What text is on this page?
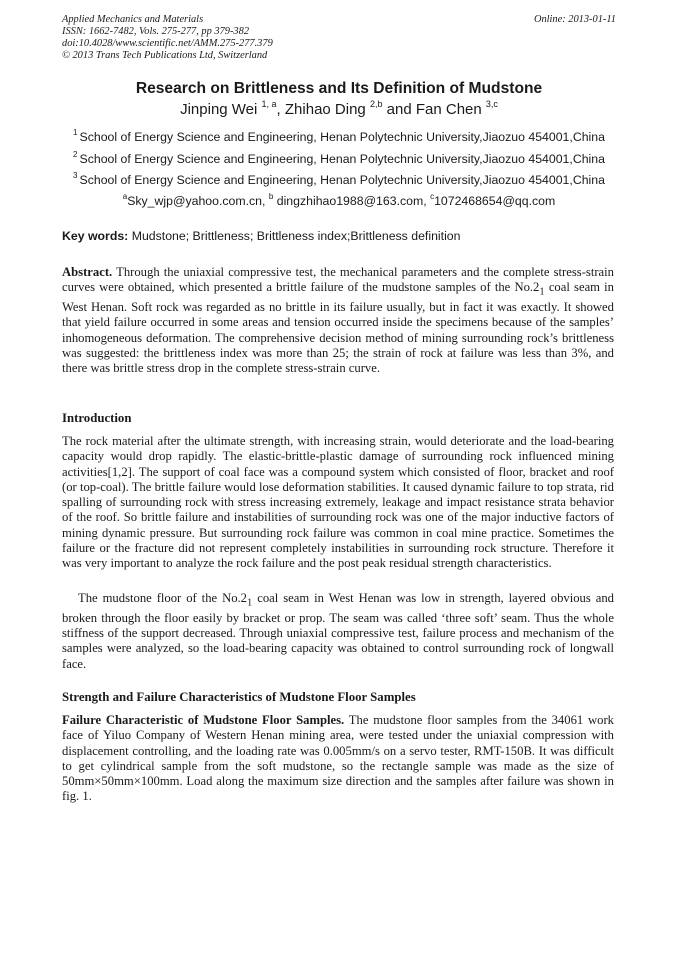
Applied Mechanics and Materials
ISSN: 1662-7482, Vols. 275-277, pp 379-382
doi:10.4028/www.scientific.net/AMM.275-277.379
© 2013 Trans Tech Publications Ltd, Switzerland
Online: 2013-01-11
Research on Brittleness and Its Definition of Mudstone
Jinping Wei $^{1, a}$, Zhihao Ding $^{2,b}$ and Fan Chen $^{3,c}$
$^1$ School of Energy Science and Engineering, Henan Polytechnic University,Jiaozuo 454001,China
$^2$ School of Energy Science and Engineering, Henan Polytechnic University,Jiaozuo 454001,China
$^3$ School of Energy Science and Engineering, Henan Polytechnic University,Jiaozuo 454001,China
$^a$Sky_wjp@yahoo.com.cn, $^b$ dingzhihao1988@163.com, $^c$1072468654@qq.com
Key words: Mudstone; Brittleness; Brittleness index;Brittleness definition
Abstract. Through the uniaxial compressive test, the mechanical parameters and the complete stress-strain curves were obtained, which presented a brittle failure of the mudstone samples of the $No.2_1$ coal seam in West Henan. Soft rock was regarded as no brittle in its failure usually, but in fact it was exactly. It showed that yield failure occurred in some areas and tension occurred inside the specimens because of the samples’ inhomogeneous deformation. The comprehensive decision method of mining surrounding rock’s brittleness was suggested: the brittleness index was more than 25; the strain of rock at failure was less than 3%, and there was brittle stress drop in the complete stress-strain curve.
Introduction
The rock material after the ultimate strength, with increasing strain, would deteriorate and the load-bearing capacity would drop rapidly. The elastic-brittle-plastic damage of surrounding rock influenced mining activities[1,2]. The support of coal face was a compound system which consisted of floor, bracket and roof (or top-coal). The brittle failure would lose deformation stabilities. It caused dynamic failure to top strata, rid spalling of surrounding rock with stress increasing extremely, leakage and impact resistance strata behavior of the roof. So brittle failure and instabilities of surrounding rock was one of the major inductive factors of mining dynamic pressure. But surrounding rock failure was common in coal mine practice. Sometimes the failure or the fracture did not represent completely instabilities in surrounding rock structure. Therefore it was very important to analyze the rock failure and the post peak residual strength characteristics.
The mudstone floor of the $No.2_1$ coal seam in West Henan was low in strength, layered obvious and broken through the floor easily by bracket or prop. The seam was called ‘three soft’ seam. Thus the whole stiffness of the support decreased. Through uniaxial compressive test, failure process and mechanism of the samples were analyzed, so the load-bearing capacity was obtained to control surrounding rock of longwall face.
Strength and Failure Characteristics of Mudstone Floor Samples
Failure Characteristic of Mudstone Floor Samples. The mudstone floor samples from the 34061 work face of Yiluo Company of Western Henan mining area, were tested under the uniaxial compression with displacement controlling, and the loading rate was 0.005mm/s on a servo tester, RMT-150B. It was difficult to get cylindrical sample from the soft mudstone, so the rectangle sample was made as the size of 50mm×50mm×100mm. Load along the maximum size direction and the samples after failure was shown in fig. 1.
